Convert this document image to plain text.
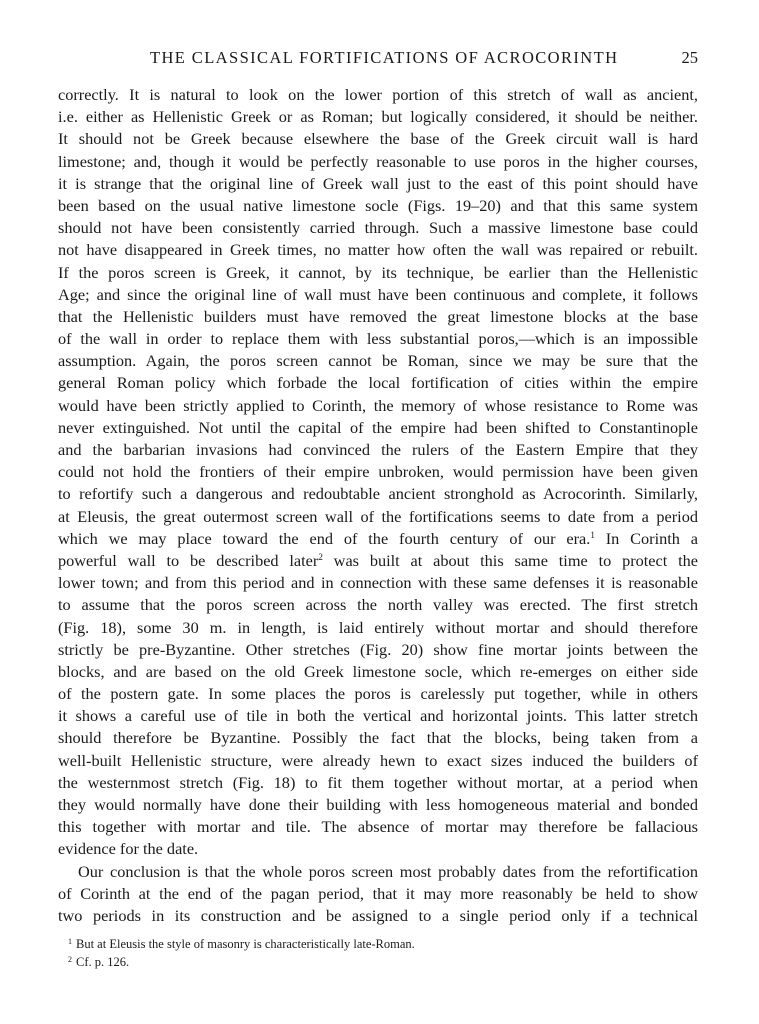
THE CLASSICAL FORTIFICATIONS OF ACROCORINTH	25
correctly. It is natural to look on the lower portion of this stretch of wall as ancient,
i.e. either as Hellenistic Greek or as Roman; but logically considered, it should be neither.
It should not be Greek because elsewhere the base of the Greek circuit wall is hard
limestone; and, though it would be perfectly reasonable to use poros in the higher courses,
it is strange that the original line of Greek wall just to the east of this point should have
been based on the usual native limestone socle (Figs. 19–20) and that this same system
should not have been consistently carried through. Such a massive limestone base could
not have disappeared in Greek times, no matter how often the wall was repaired or rebuilt.
If the poros screen is Greek, it cannot, by its technique, be earlier than the Hellenistic
Age; and since the original line of wall must have been continuous and complete, it follows
that the Hellenistic builders must have removed the great limestone blocks at the base
of the wall in order to replace them with less substantial poros,—which is an impossible
assumption. Again, the poros screen cannot be Roman, since we may be sure that the
general Roman policy which forbade the local fortification of cities within the empire
would have been strictly applied to Corinth, the memory of whose resistance to Rome was
never extinguished. Not until the capital of the empire had been shifted to Constantinople
and the barbarian invasions had convinced the rulers of the Eastern Empire that they
could not hold the frontiers of their empire unbroken, would permission have been given
to refortify such a dangerous and redoubtable ancient stronghold as Acrocorinth. Similarly,
at Eleusis, the great outermost screen wall of the fortifications seems to date from a period
which we may place toward the end of the fourth century of our era.$^1$ In Corinth a
powerful wall to be described later$^2$ was built at about this same time to protect the
lower town; and from this period and in connection with these same defenses it is reasonable
to assume that the poros screen across the north valley was erected. The first stretch
(Fig. 18), some 30 m. in length, is laid entirely without mortar and should therefore
strictly be pre-Byzantine. Other stretches (Fig. 20) show fine mortar joints between the
blocks, and are based on the old Greek limestone socle, which re-emerges on either side
of the postern gate. In some places the poros is carelessly put together, while in others
it shows a careful use of tile in both the vertical and horizontal joints. This latter stretch
should therefore be Byzantine. Possibly the fact that the blocks, being taken from a
well-built Hellenistic structure, were already hewn to exact sizes induced the builders of
the westernmost stretch (Fig. 18) to fit them together without mortar, at a period when
they would normally have done their building with less homogeneous material and bonded
this together with mortar and tile. The absence of mortar may therefore be fallacious
evidence for the date.
Our conclusion is that the whole poros screen most probably dates from the refortification
of Corinth at the end of the pagan period, that it may more reasonably be held to show
two periods in its construction and be assigned to a single period only if a technical
$^1$ But at Eleusis the style of masonry is characteristically late-Roman.
$^2$ Cf. p. 126.
